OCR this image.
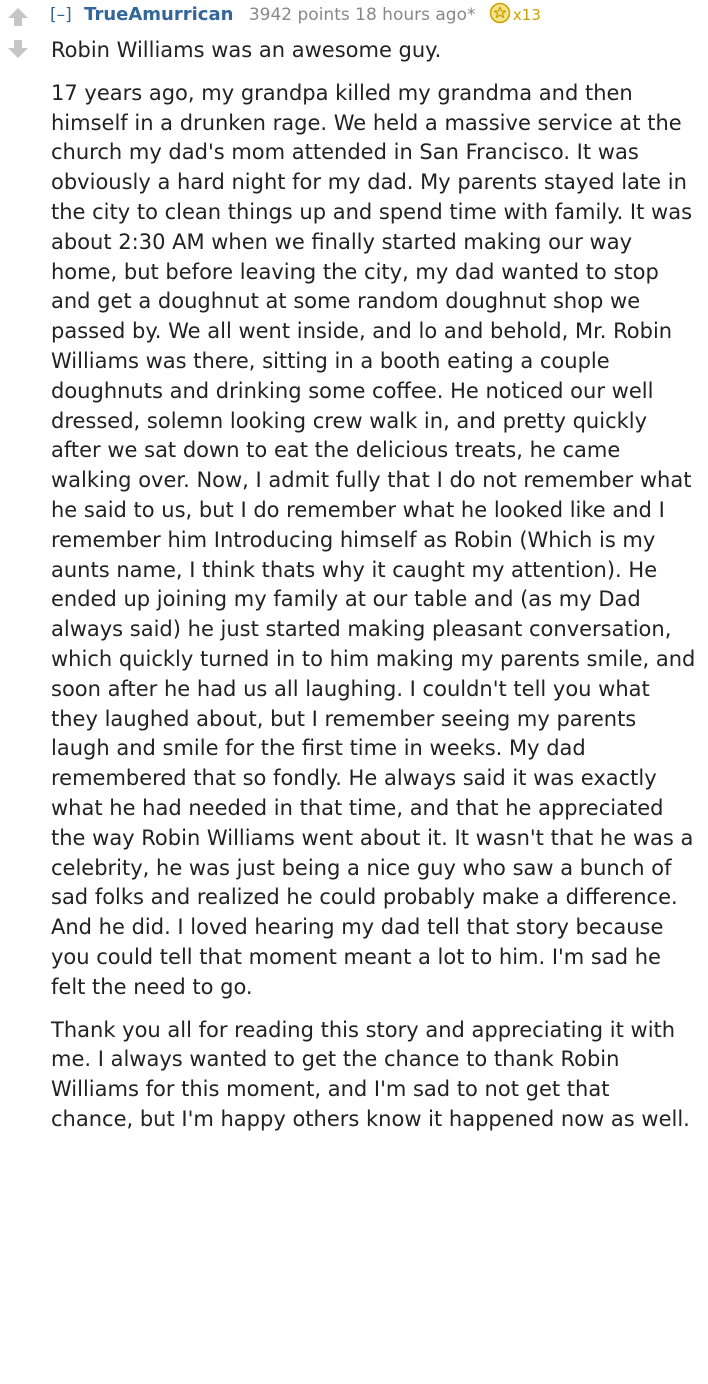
[–] TrueAmurrican 3942 points 18 hours ago* x13

Robin Williams was an awesome guy.

17 years ago, my grandpa killed my grandma and then himself in a drunken rage. We held a massive service at the church my dad's mom attended in San Francisco. It was obviously a hard night for my dad. My parents stayed late in the city to clean things up and spend time with family. It was about 2:30 AM when we finally started making our way home, but before leaving the city, my dad wanted to stop and get a doughnut at some random doughnut shop we passed by. We all went inside, and lo and behold, Mr. Robin Williams was there, sitting in a booth eating a couple doughnuts and drinking some coffee. He noticed our well dressed, solemn looking crew walk in, and pretty quickly after we sat down to eat the delicious treats, he came walking over. Now, I admit fully that I do not remember what he said to us, but I do remember what he looked like and I remember him Introducing himself as Robin (Which is my aunts name, I think thats why it caught my attention). He ended up joining my family at our table and (as my Dad always said) he just started making pleasant conversation, which quickly turned in to him making my parents smile, and soon after he had us all laughing. I couldn't tell you what they laughed about, but I remember seeing my parents laugh and smile for the first time in weeks. My dad remembered that so fondly. He always said it was exactly what he had needed in that time, and that he appreciated the way Robin Williams went about it. It wasn't that he was a celebrity, he was just being a nice guy who saw a bunch of sad folks and realized he could probably make a difference. And he did. I loved hearing my dad tell that story because you could tell that moment meant a lot to him. I'm sad he felt the need to go.

Thank you all for reading this story and appreciating it with me. I always wanted to get the chance to thank Robin Williams for this moment, and I'm sad to not get that chance, but I'm happy others know it happened now as well.
